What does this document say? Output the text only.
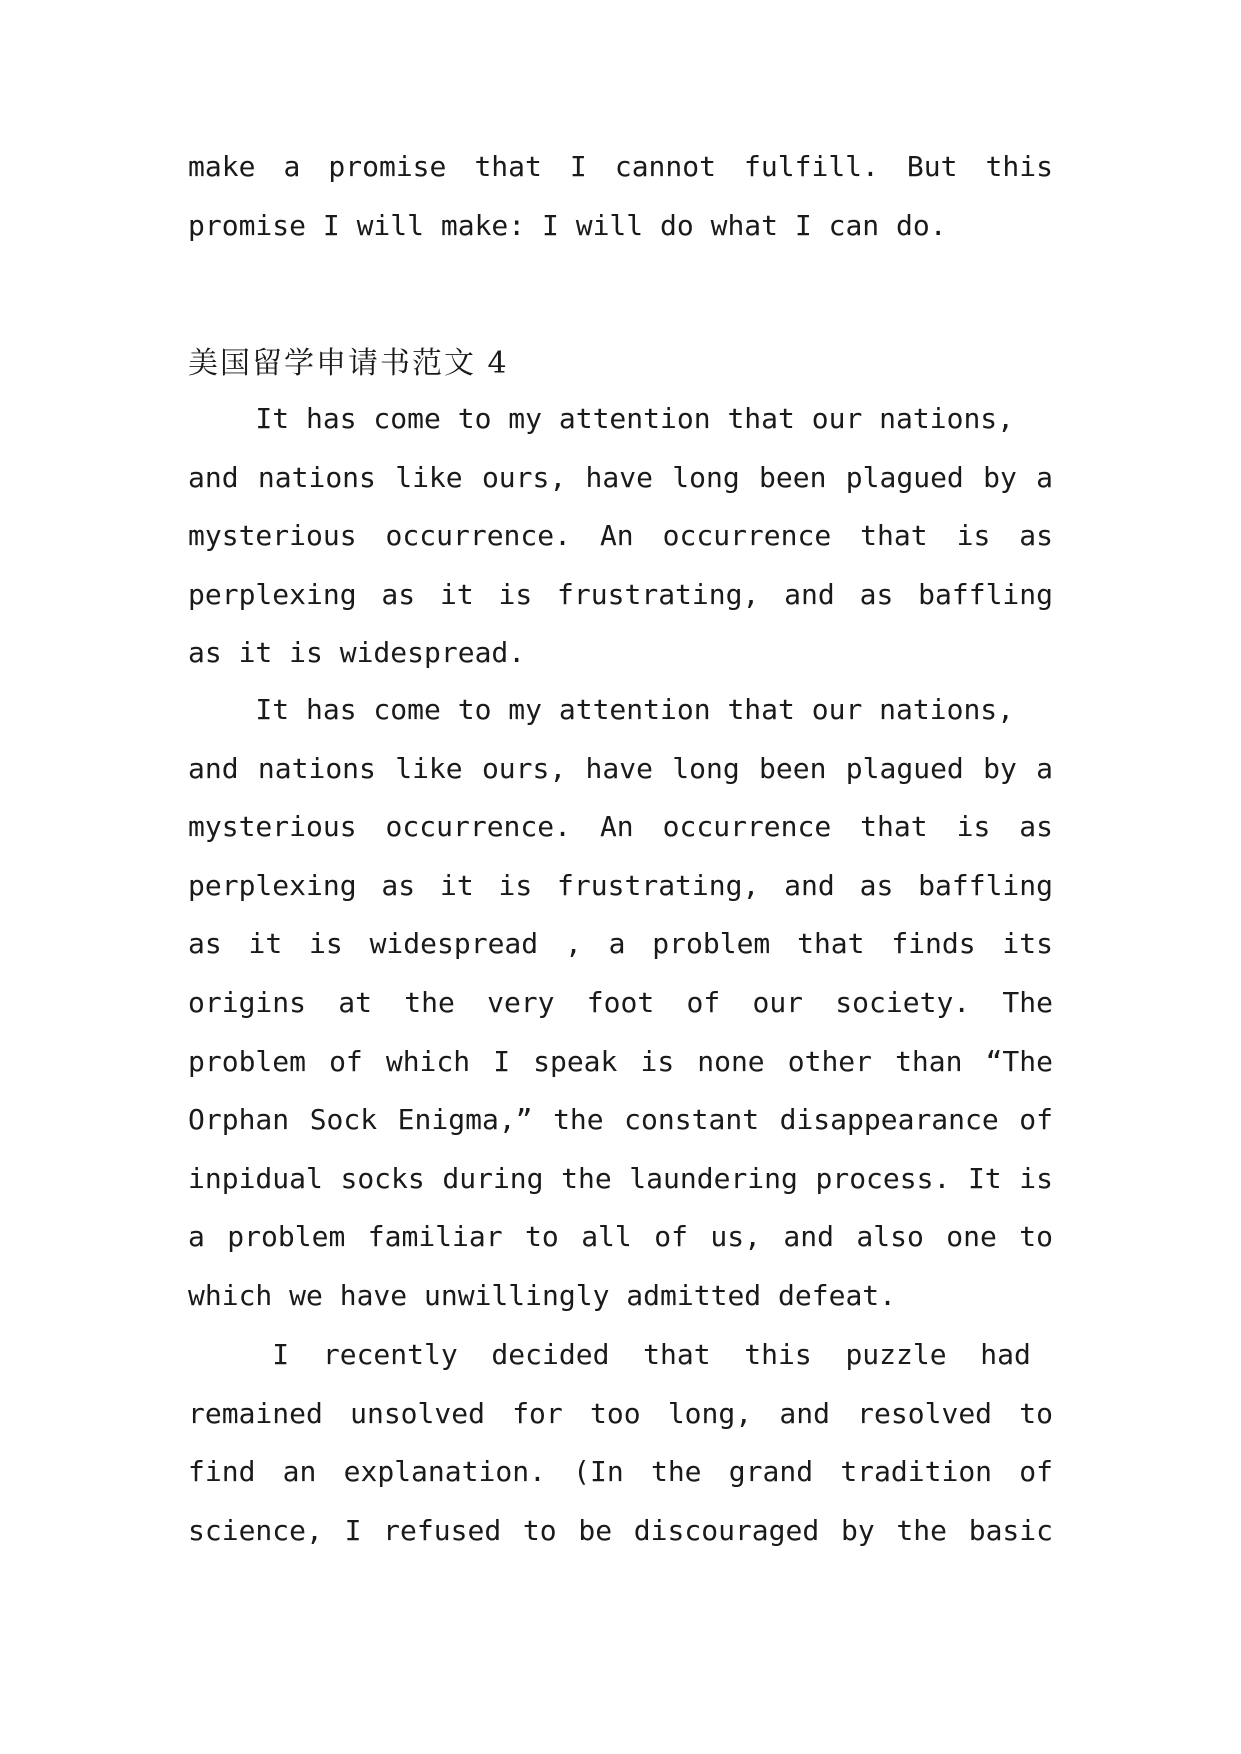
make a promise that I cannot fulfill. But this
promise I will make: I will do what I can do.
美国留学申请书范文 4
It has come to my attention that our nations,
and nations like ours, have long been plagued by a
mysterious occurrence. An occurrence that is as
perplexing as it is frustrating, and as baffling
as it is widespread.
It has come to my attention that our nations,
and nations like ours, have long been plagued by a
mysterious occurrence. An occurrence that is as
perplexing as it is frustrating, and as baffling
as it is widespread , a problem that finds its
origins at the very foot of our society. The
problem of which I speak is none other than “The
Orphan Sock Enigma,” the constant disappearance of
inpidual socks during the laundering process. It is
a problem familiar to all of us, and also one to
which we have unwillingly admitted defeat.
I  recently  decided  that  this  puzzle  had
remained unsolved for too long, and resolved to
find an explanation. (In the grand tradition of
science, I refused to be discouraged by the basic
